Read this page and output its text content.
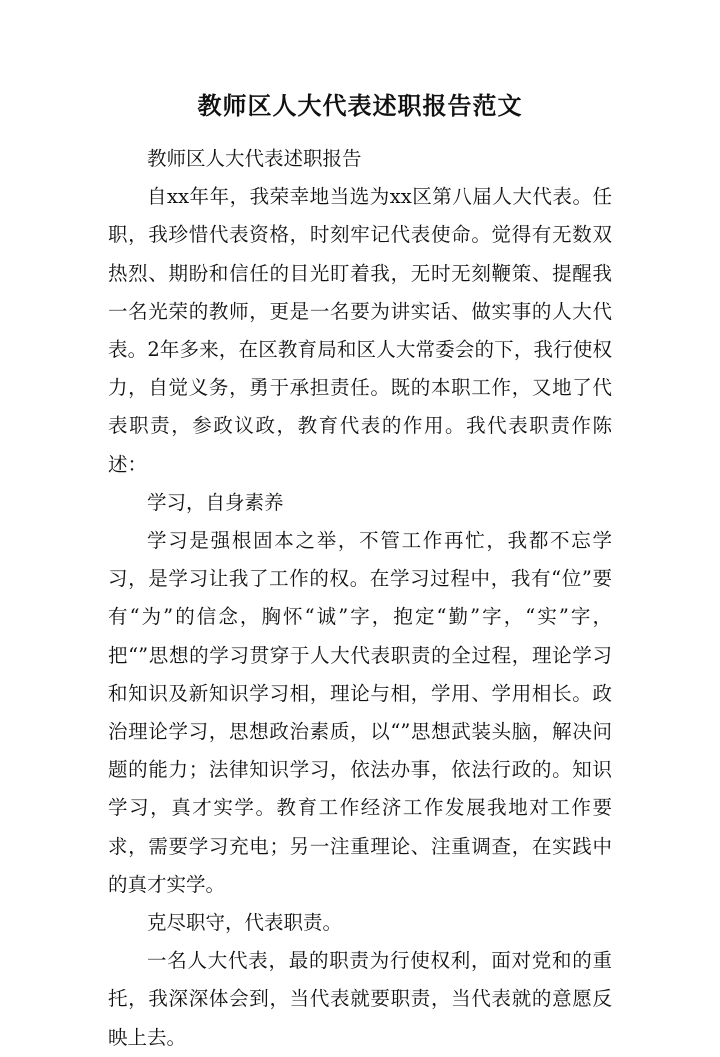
教师区人大代表述职报告范文

教师区人大代表述职报告

自xx年年，我荣幸地当选为xx区第八届人大代表。任职，我珍惜代表资格，时刻牢记代表使命。觉得有无数双热烈、期盼和信任的目光盯着我，无时无刻鞭策、提醒我一名光荣的教师，更是一名要为讲实话、做实事的人大代表。2年多来，在区教育局和区人大常委会的下，我行使权力，自觉义务，勇于承担责任。既的本职工作，又地了代表职责，参政议政，教育代表的作用。我代表职责作陈述：

学习，自身素养

学习是强根固本之举，不管工作再忙，我都不忘学习，是学习让我了工作的权。在学习过程中，我有“位”要有“为”的信念，胸怀“诚”字，抱定“勤”字，“实”字，把“”思想的学习贯穿于人大代表职责的全过程，理论学习和知识及新知识学习相，理论与相，学用、学用相长。政治理论学习，思想政治素质，以“”思想武装头脑，解决问题的能力；法律知识学习，依法办事，依法行政的。知识学习，真才实学。教育工作经济工作发展我地对工作要求，需要学习充电；另一注重理论、注重调查，在实践中的真才实学。

克尽职守，代表职责。

一名人大代表，最的职责为行使权利，面对党和的重托，我深深体会到，当代表就要职责，当代表就的意愿反映上去。
